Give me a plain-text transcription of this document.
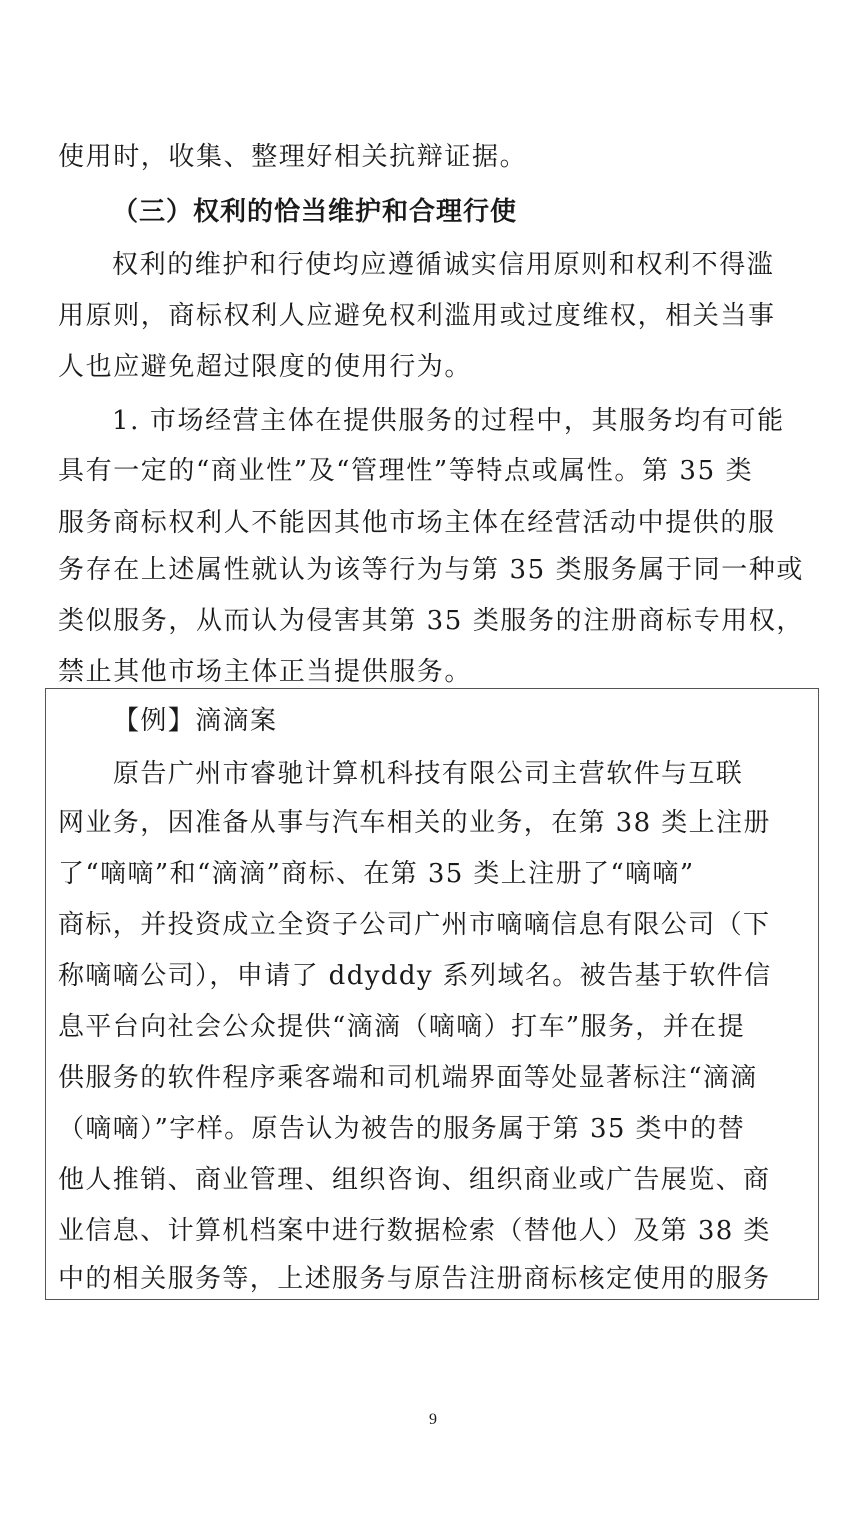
使用时，收集、整理好相关抗辩证据。
（三）权利的恰当维护和合理行使
权利的维护和行使均应遵循诚实信用原则和权利不得滥
用原则，商标权利人应避免权利滥用或过度维权，相关当事
人也应避免超过限度的使用行为。
1. 市场经营主体在提供服务的过程中，其服务均有可能
具有一定的“商业性”及“管理性”等特点或属性。第 35 类
服务商标权利人不能因其他市场主体在经营活动中提供的服
务存在上述属性就认为该等行为与第 35 类服务属于同一种或
类似服务，从而认为侵害其第 35 类服务的注册商标专用权，
禁止其他市场主体正当提供服务。
【例】滴滴案
原告广州市睿驰计算机科技有限公司主营软件与互联
网业务，因准备从事与汽车相关的业务，在第 38 类上注册
了“嘀嘀”和“滴滴”商标、在第 35 类上注册了“嘀嘀”
商标，并投资成立全资子公司广州市嘀嘀信息有限公司（下
称嘀嘀公司），申请了 ddyddy 系列域名。被告基于软件信
息平台向社会公众提供“滴滴（嘀嘀）打车”服务，并在提
供服务的软件程序乘客端和司机端界面等处显著标注“滴滴
（嘀嘀）”字样。原告认为被告的服务属于第 35 类中的替
他人推销、商业管理、组织咨询、组织商业或广告展览、商
业信息、计算机档案中进行数据检索（替他人）及第 38 类
中的相关服务等，上述服务与原告注册商标核定使用的服务
9
